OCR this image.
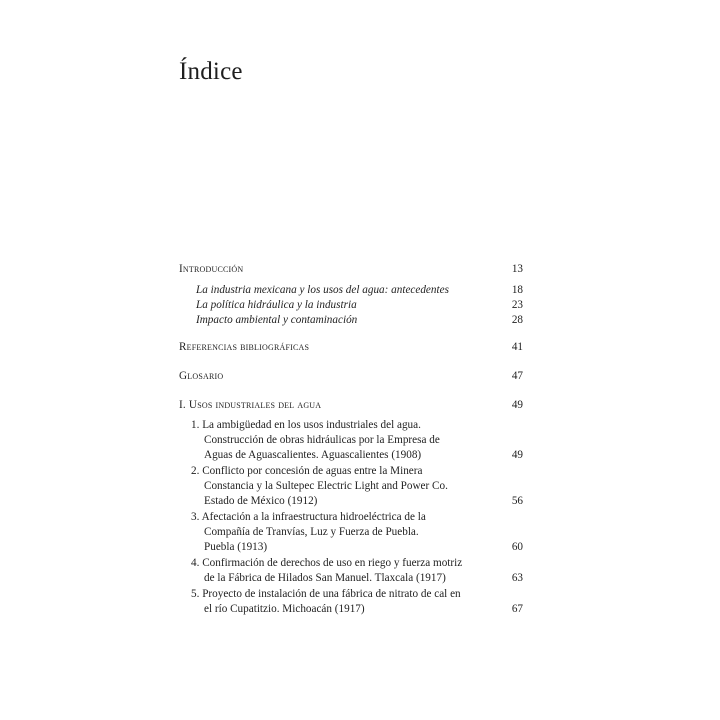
Índice
Introducción	13
La industria mexicana y los usos del agua: antecedentes	18
La política hidráulica y la industria	23
Impacto ambiental y contaminación	28
Referencias bibliográficas	41
Glosario	47
I. Usos industriales del agua	49
1. La ambigüedad en los usos industriales del agua.
Construcción de obras hidráulicas por la Empresa de
Aguas de Aguascalientes. Aguascalientes (1908)	49
2. Conflicto por concesión de aguas entre la Minera
Constancia y la Sultepec Electric Light and Power Co.
Estado de México (1912)	56
3. Afectación a la infraestructura hidroeléctrica de la
Compañía de Tranvías, Luz y Fuerza de Puebla.
Puebla (1913)	60
4. Confirmación de derechos de uso en riego y fuerza motriz
de la Fábrica de Hilados San Manuel. Tlaxcala (1917)	63
5. Proyecto de instalación de una fábrica de nitrato de cal en
el río Cupatitzio. Michoacán (1917)	67
